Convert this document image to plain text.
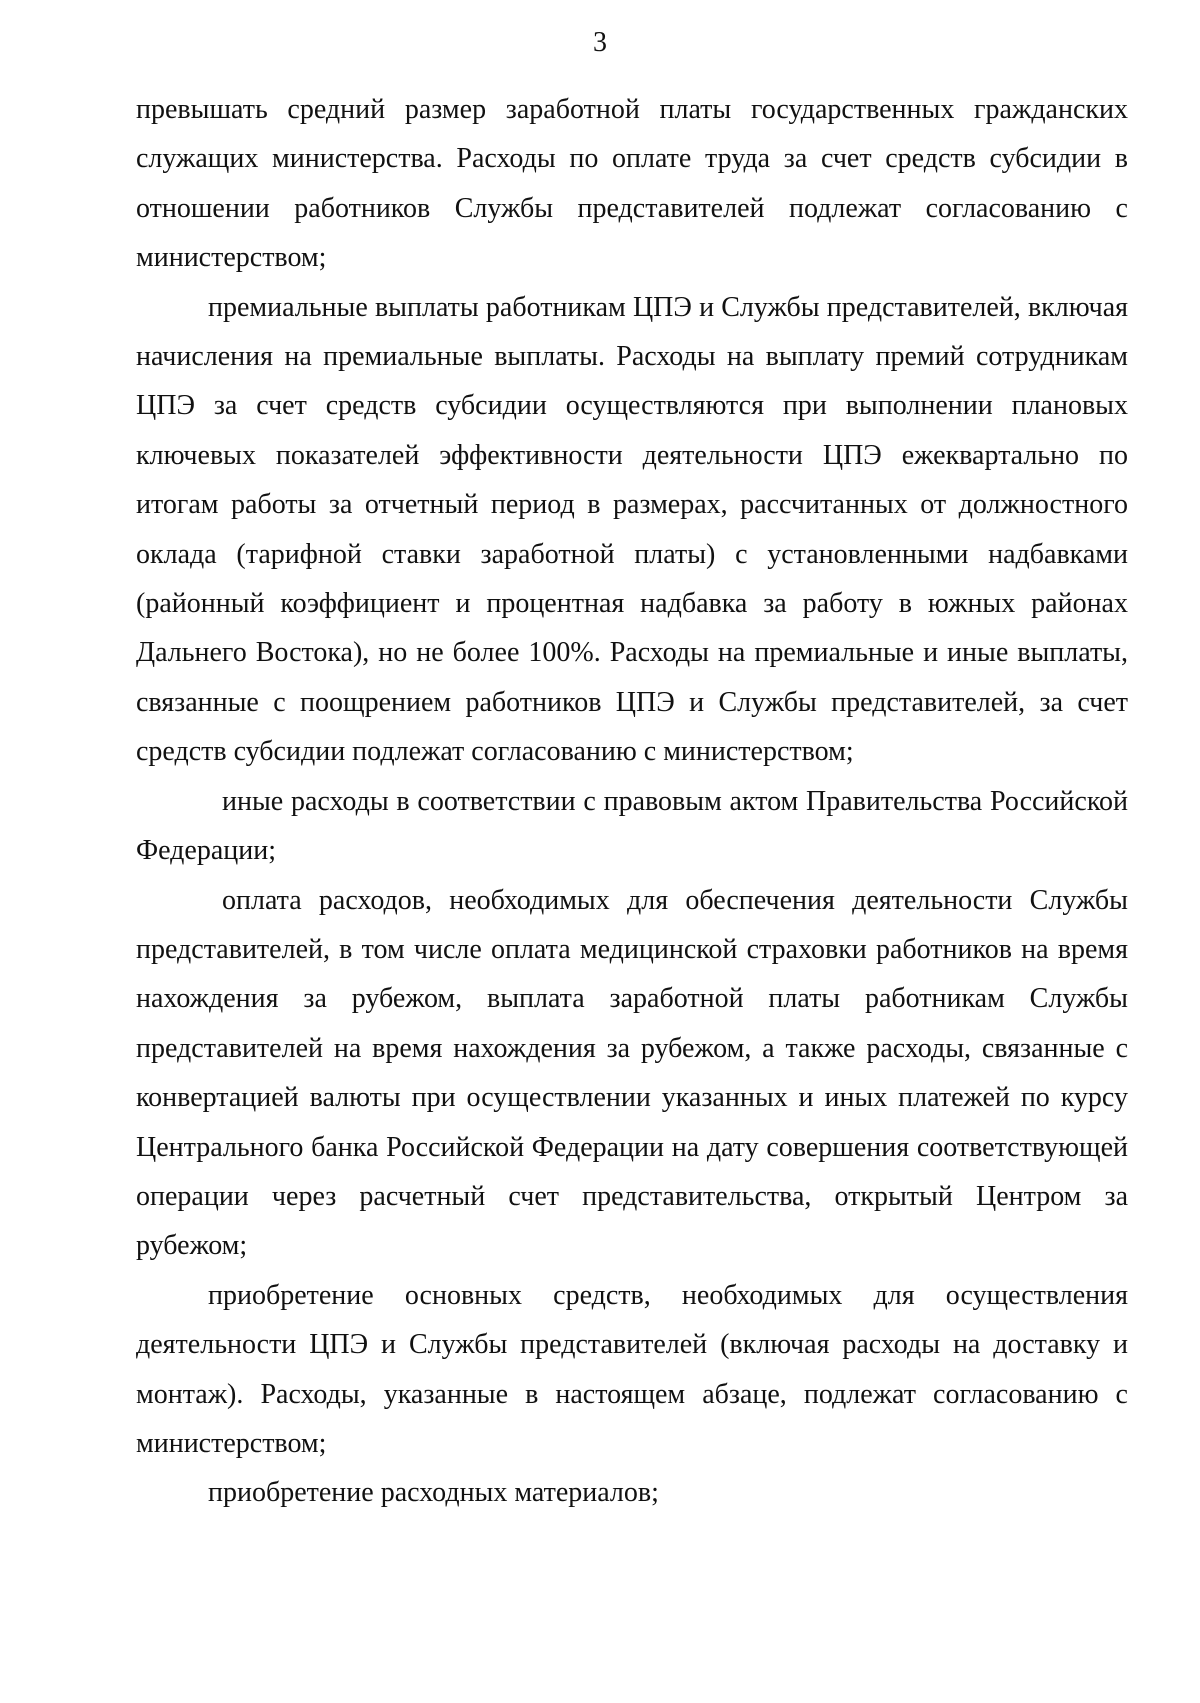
3

превышать средний размер заработной платы государственных гражданских служащих министерства. Расходы по оплате труда за счет средств субсидии в отношении работников Службы представителей подлежат согласованию с министерством;

премиальные выплаты работникам ЦПЭ и Службы представителей, включая начисления на премиальные выплаты. Расходы на выплату премий сотрудникам ЦПЭ за счет средств субсидии осуществляются при выполнении плановых ключевых показателей эффективности деятельности ЦПЭ ежеквартально по итогам работы за отчетный период в размерах, рассчитанных от должностного оклада (тарифной ставки заработной платы) с установленными надбавками (районный коэффициент и процентная надбавка за работу в южных районах Дальнего Востока), но не более 100%. Расходы на премиальные и иные выплаты, связанные с поощрением работников ЦПЭ и Службы представителей, за счет средств субсидии подлежат согласованию с министерством;

иные расходы в соответствии с правовым актом Правительства Российской Федерации;

оплата расходов, необходимых для обеспечения деятельности Службы представителей, в том числе оплата медицинской страховки работников на время нахождения за рубежом, выплата заработной платы работникам Службы представителей на время нахождения за рубежом, а также расходы, связанные с конвертацией валюты при осуществлении указанных и иных платежей по курсу Центрального банка Российской Федерации на дату совершения соответствующей операции через расчетный счет представительства, открытый Центром за рубежом;

приобретение основных средств, необходимых для осуществления деятельности ЦПЭ и Службы представителей (включая расходы на доставку и монтаж). Расходы, указанные в настоящем абзаце, подлежат согласованию с министерством;

приобретение расходных материалов;
